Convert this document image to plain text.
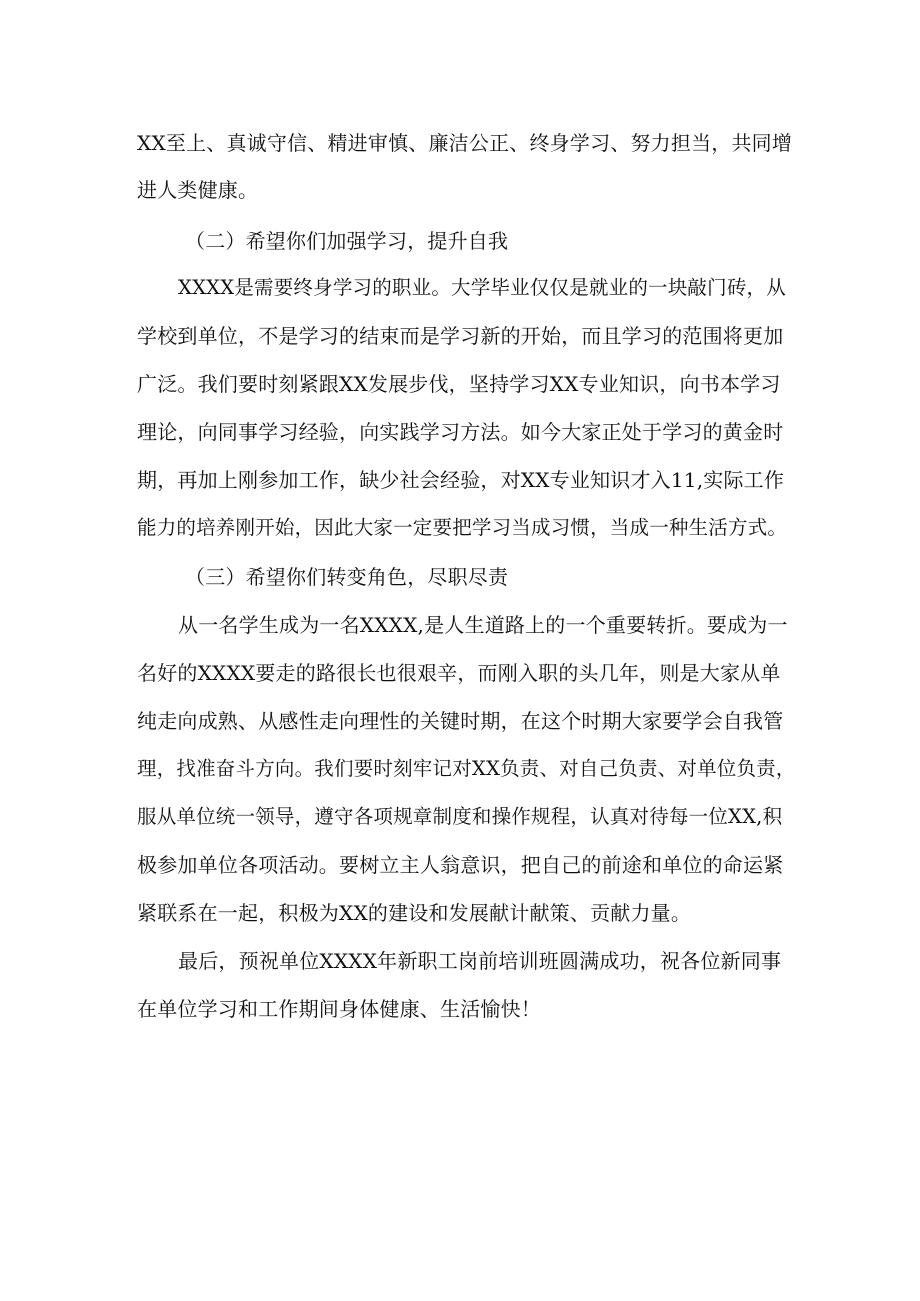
XX至上、真诚守信、精进审慎、廉洁公正、终身学习、努力担当，共同增
进人类健康。
（二）希望你们加强学习，提升自我
XXXX是需要终身学习的职业。大学毕业仅仅是就业的一块敲门砖，从
学校到单位，不是学习的结束而是学习新的开始，而且学习的范围将更加
广泛。我们要时刻紧跟XX发展步伐，坚持学习XX专业知识，向书本学习
理论，向同事学习经验，向实践学习方法。如今大家正处于学习的黄金时
期，再加上刚参加工作，缺少社会经验，对XX专业知识才入11,实际工作
能力的培养刚开始，因此大家一定要把学习当成习惯，当成一种生活方式。
（三）希望你们转变角色，尽职尽责
从一名学生成为一名XXXX,是人生道路上的一个重要转折。要成为一
名好的XXXX要走的路很长也很艰辛，而刚入职的头几年，则是大家从单
纯走向成熟、从感性走向理性的关键时期，在这个时期大家要学会自我管
理，找准奋斗方向。我们要时刻牢记对XX负责、对自己负责、对单位负责，
服从单位统一领导，遵守各项规章制度和操作规程，认真对待每一位XX,积
极参加单位各项活动。要树立主人翁意识，把自己的前途和单位的命运紧
紧联系在一起，积极为XX的建设和发展献计献策、贡献力量。
最后，预祝单位XXXX年新职工岗前培训班圆满成功，祝各位新同事
在单位学习和工作期间身体健康、生活愉快！
